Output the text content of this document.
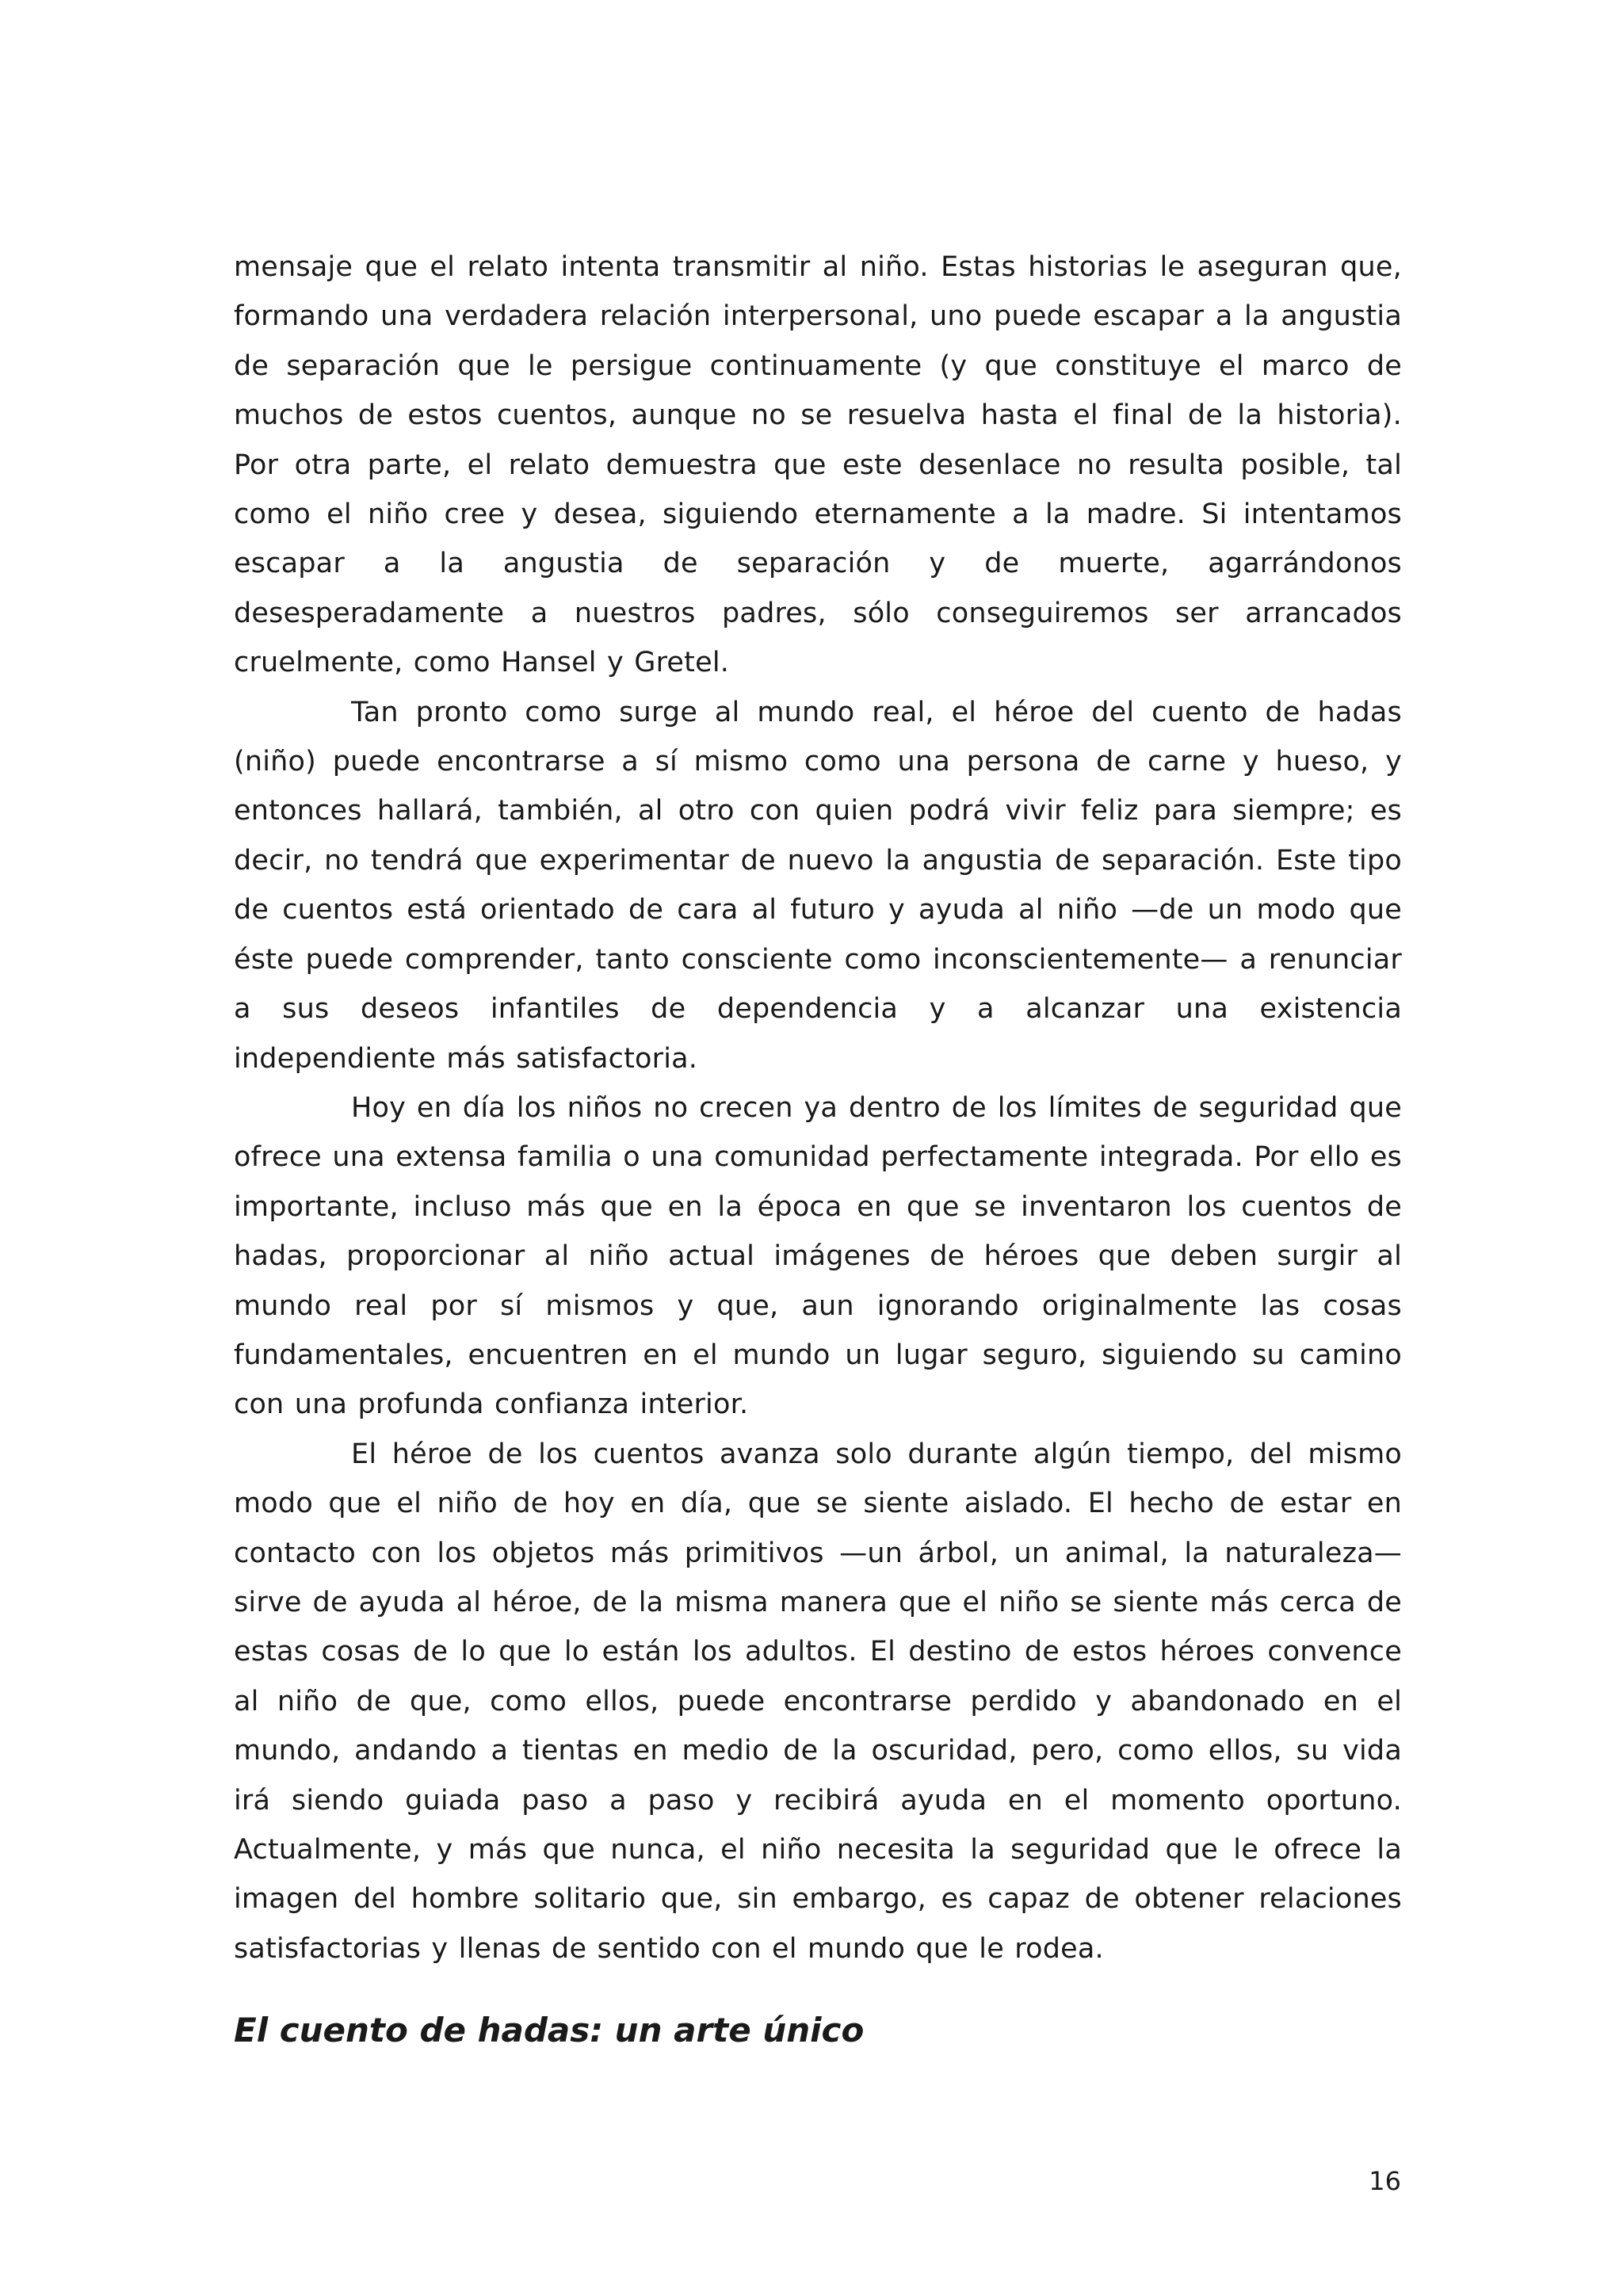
mensaje que el relato intenta transmitir al niño. Estas historias le aseguran que, formando una verdadera relación interpersonal, uno puede escapar a la angustia de separación que le persigue continuamente (y que constituye el marco de muchos de estos cuentos, aunque no se resuelva hasta el final de la historia). Por otra parte, el relato demuestra que este desenlace no resulta posible, tal como el niño cree y desea, siguiendo eternamente a la madre. Si intentamos escapar a la angustia de separación y de muerte, agarrándonos desesperadamente a nuestros padres, sólo conseguiremos ser arrancados cruelmente, como Hansel y Gretel.

Tan pronto como surge al mundo real, el héroe del cuento de hadas (niño) puede encontrarse a sí mismo como una persona de carne y hueso, y entonces hallará, también, al otro con quien podrá vivir feliz para siempre; es decir, no tendrá que experimentar de nuevo la angustia de separación. Este tipo de cuentos está orientado de cara al futuro y ayuda al niño —de un modo que éste puede comprender, tanto consciente como inconscientemente— a renunciar a sus deseos infantiles de dependencia y a alcanzar una existencia independiente más satisfactoria.

Hoy en día los niños no crecen ya dentro de los límites de seguridad que ofrece una extensa familia o una comunidad perfectamente integrada. Por ello es importante, incluso más que en la época en que se inventaron los cuentos de hadas, proporcionar al niño actual imágenes de héroes que deben surgir al mundo real por sí mismos y que, aun ignorando originalmente las cosas fundamentales, encuentren en el mundo un lugar seguro, siguiendo su camino con una profunda confianza interior.

El héroe de los cuentos avanza solo durante algún tiempo, del mismo modo que el niño de hoy en día, que se siente aislado. El hecho de estar en contacto con los objetos más primitivos —un árbol, un animal, la naturaleza— sirve de ayuda al héroe, de la misma manera que el niño se siente más cerca de estas cosas de lo que lo están los adultos. El destino de estos héroes convence al niño de que, como ellos, puede encontrarse perdido y abandonado en el mundo, andando a tientas en medio de la oscuridad, pero, como ellos, su vida irá siendo guiada paso a paso y recibirá ayuda en el momento oportuno. Actualmente, y más que nunca, el niño necesita la seguridad que le ofrece la imagen del hombre solitario que, sin embargo, es capaz de obtener relaciones satisfactorias y llenas de sentido con el mundo que le rodea.

El cuento de hadas: un arte único
16
